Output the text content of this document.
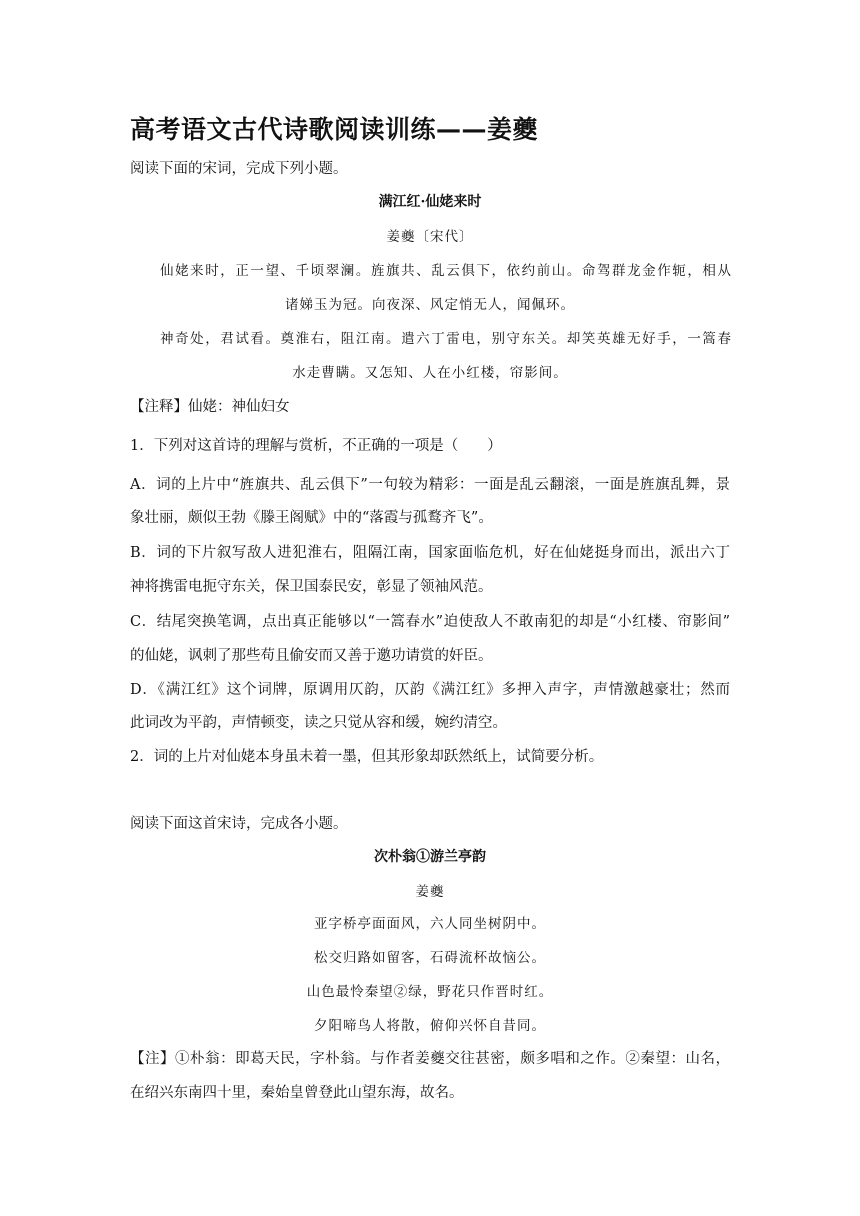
高考语文古代诗歌阅读训练——姜夔
阅读下面的宋词，完成下列小题。
满江红·仙姥来时
姜夔〔宋代〕
仙姥来时，正一望、千顷翠澜。旌旗共、乱云俱下，依约前山。命驾群龙金作轭，相从
诸娣玉为冠。向夜深、风定悄无人，闻佩环。
神奇处，君试看。奠淮右，阻江南。遣六丁雷电，别守东关。却笑英雄无好手，一篙春
水走曹瞒。又怎知、人在小红楼，帘影间。
【注释】仙姥：神仙妇女
1．下列对这首诗的理解与赏析，不正确的一项是（　　）
A．词的上片中“旌旗共、乱云俱下”一句较为精彩：一面是乱云翻滚，一面是旌旗乱舞，景
象壮丽，颇似王勃《滕王阁赋》中的“落霞与孤鹜齐飞”。
B．词的下片叙写敌人进犯淮右，阻隔江南，国家面临危机，好在仙姥挺身而出，派出六丁
神将携雷电扼守东关，保卫国泰民安，彰显了领袖风范。
C．结尾突换笔调，点出真正能够以“一篙春水”迫使敌人不敢南犯的却是“小红楼、帘影间”
的仙姥，讽刺了那些苟且偷安而又善于邀功请赏的奸臣。
D．《满江红》这个词牌，原调用仄韵，仄韵《满江红》多押入声字，声情激越豪壮；然而
此词改为平韵，声情顿变，读之只觉从容和缓，婉约清空。
2．词的上片对仙姥本身虽未着一墨，但其形象却跃然纸上，试简要分析。
阅读下面这首宋诗，完成各小题。
次朴翁①游兰亭韵
姜夔
亚字桥亭面面风，六人同坐树阴中。
松交归路如留客，石碍流杯故恼公。
山色最怜秦望②绿，野花只作晋时红。
夕阳啼鸟人将散，俯仰兴怀自昔同。
【注】①朴翁：即葛天民，字朴翁。与作者姜夔交往甚密，颇多唱和之作。②秦望：山名，
在绍兴东南四十里，秦始皇曾登此山望东海，故名。
